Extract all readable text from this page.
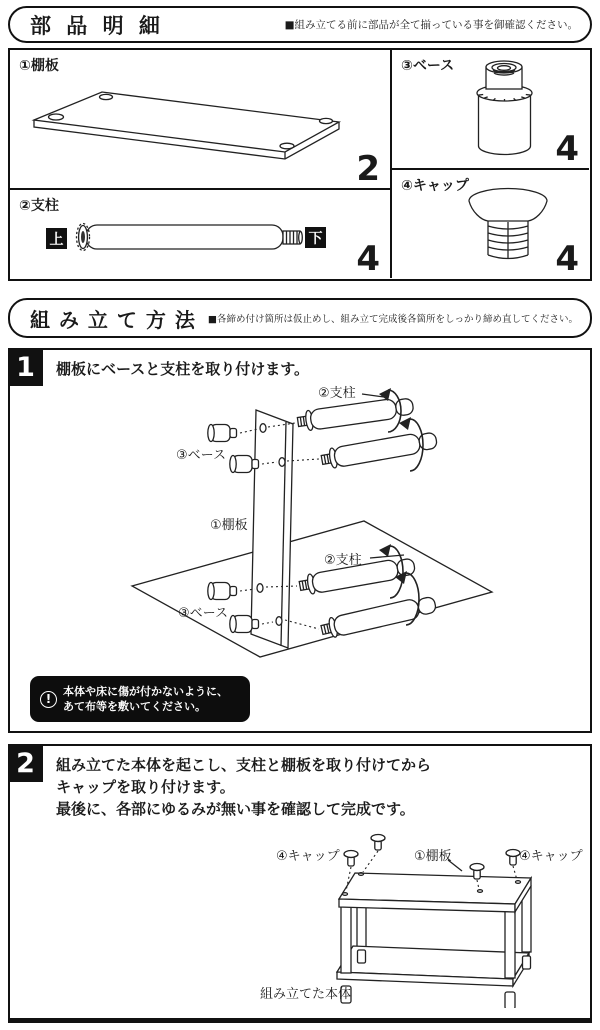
部 品 明 細	■組み立てる前に部品が全て揃っている事を御確認ください。
①棚板
2
②支柱
上	下
4
③ベース
4
④キャップ
4
組 み 立 て 方 法 ■各締め付け箇所は仮止めし、組み立て完成後各箇所をしっかり締め直してください。
1	棚板にベースと支柱を取り付けます。
②支柱
③ベース
①棚板
②支柱
③ベース
!
本体や床に傷が付かないように、
あて布等を敷いてください。
2	組み立てた本体を起こし、支柱と棚板を取り付けてから
キャップを取り付けます。
最後に、各部にゆるみが無い事を確認して完成です。
④キャップ	①棚板	④キャップ
組み立てた本体
